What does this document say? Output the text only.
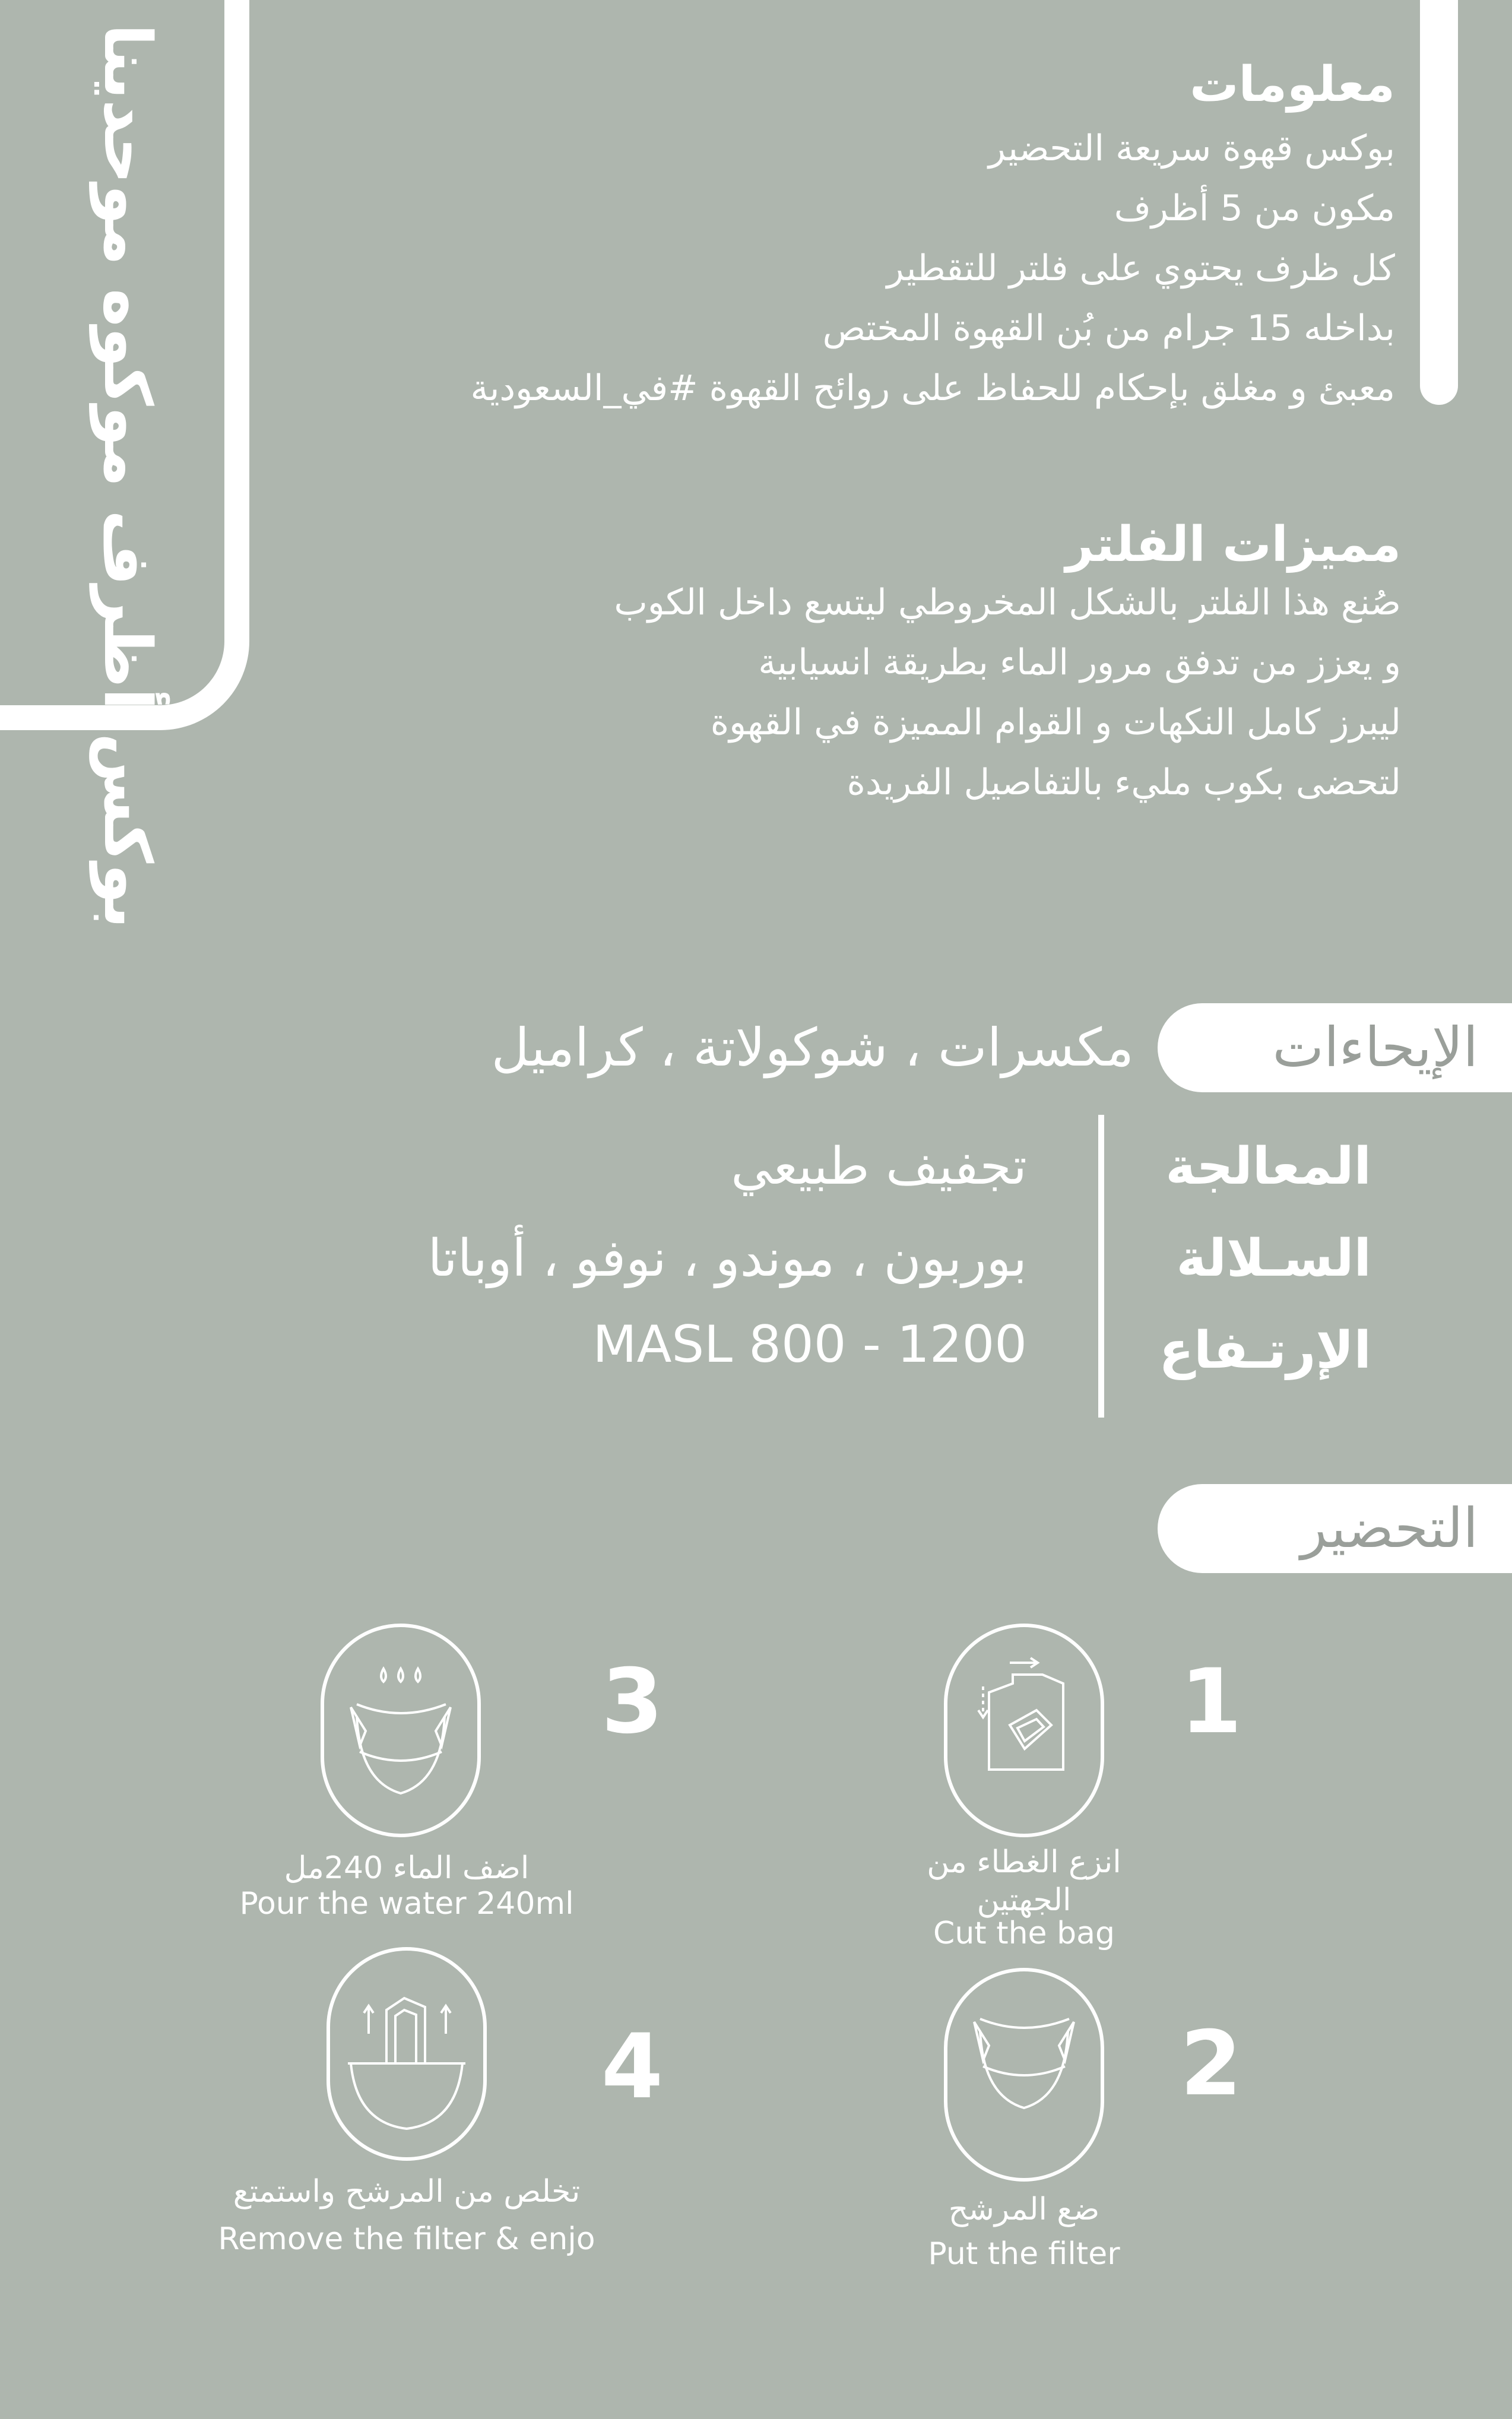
بوكس أظرف موكوه موحدينا	معلومات
بوكس قهوة سريعة التحضير
مكون من 5 أظرف
كل ظرف يحتوي على فلتر للتقطير
بداخله 15 جرام من بُن القهوة المختص
معبئ و مغلق بإحكام للحفاظ على روائح القهوة #في_السعودية
مميزات الفلتر
صُنع هذا الفلتر بالشكل المخروطي ليتسع داخل الكوب
و يعزز من تدفق مرور الماء بطريقة انسيابية
ليبرز كامل النكهات و القوام المميزة في القهوة
لتحضى بكوب مليء بالتفاصيل الفريدة
الإيحاءات
مكسرات ، شوكولاتة ، كراميل
المعالجة
السـلالة
الإرتـفاع
تجفيف طبيعي
بوربون ، موندو ، نوفو ، أوباتا
MASL 800 - 1200
التحضير
1
انزع الغطاء من الجهتين
Cut the bag
2
ضع المرشح
Put the filter
3
اضف الماء 240مل
Pour the water 240ml
4
تخلص من المرشح واستمتع
Remove the filter & enjo
